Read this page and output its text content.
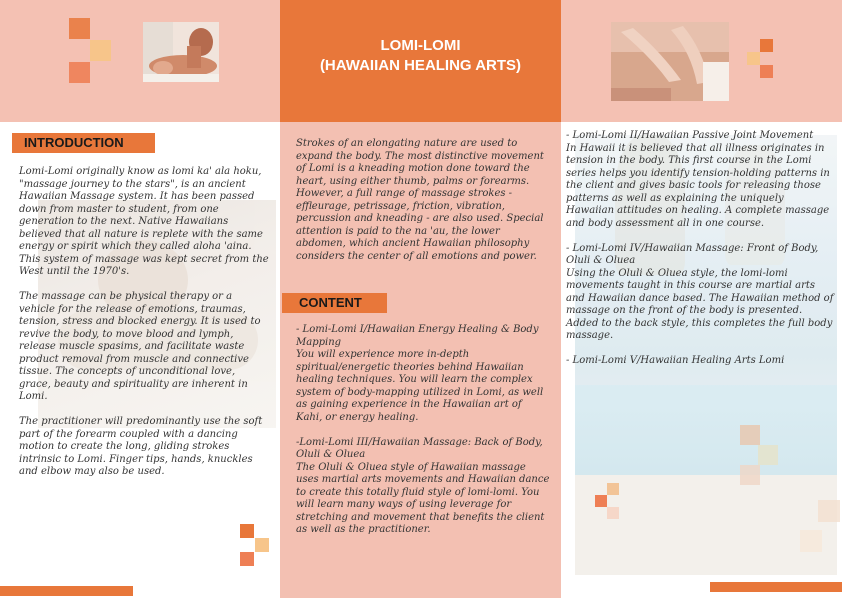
LOMI-LOMI
(HAWAIIAN HEALING ARTS)
INTRODUCTION

Lomi-Lomi originally know as lomi ka' ala hoku, "massage journey to the stars", is an ancient Hawaiian Massage system. It has been passed down from master to student, from one generation to the next. Native Hawaiians believed that all nature is replete with the same energy or spirit which they called aloha 'aina. This system of massage was kept secret from the West until the 1970's.

The massage can be physical therapy or a vehicle for the release of emotions, traumas, tension, stress and blocked energy. It is used to revive the body, to move blood and lymph, release muscle spasims, and facilitate waste product removal from muscle and connective tissue. The concepts of unconditional love, grace, beauty and spirituality are inherent in Lomi.

The practitioner will predominantly use the soft part of the forearm coupled with a dancing motion to create the long, gliding strokes intrinsic to Lomi. Finger tips, hands, knuckles and elbow may also be used.

Strokes of an elongating nature are used to expand the body. The most distinctive movement of Lomi is a kneading motion done toward the heart, using either thumb, palms or forearms. However, a full range of massage strokes - effleurage, petrissage, friction, vibration, percussion and kneading - are also used. Special attention is paid to the na 'au, the lower abdomen, which ancient Hawaiian philosophy considers the center of all emotions and power.
CONTENT

- Lomi-Lomi I/Hawaiian Energy Healing & Body Mapping
You will experience more in-depth spiritual/energetic theories behind Hawaiian healing techniques. You will learn the complex system of body-mapping utilized in Lomi, as well as gaining experience in the Hawaiian art of Kahi, or energy healing.

-Lomi-Lomi III/Hawaiian Massage: Back of Body, Oluli & Oluea
The Oluli & Oluea style of Hawaiian massage uses martial arts movements and Hawaiian dance to create this totally fluid style of lomi-lomi. You will learn many ways of using leverage for stretching and movement that benefits the client as well as the practitioner.

- Lomi-Lomi II/Hawaiian Passive Joint Movement
In Hawaii it is believed that all illness originates in tension in the body. This first course in the Lomi series helps you identify tension-holding patterns in the client and gives basic tools for releasing those patterns as well as explaining the uniquely Hawaiian attitudes on healing. A complete massage and body assessment all in one course.

- Lomi-Lomi IV/Hawaiian Massage: Front of Body, Oluli & Oluea
Using the Oluli & Oluea style, the lomi-lomi movements taught in this course are martial arts and Hawaiian dance based. The Hawaiian method of massage on the front of the body is presented. Added to the back style, this completes the full body massage.

- Lomi-Lomi V/Hawaiian Healing Arts Lomi
